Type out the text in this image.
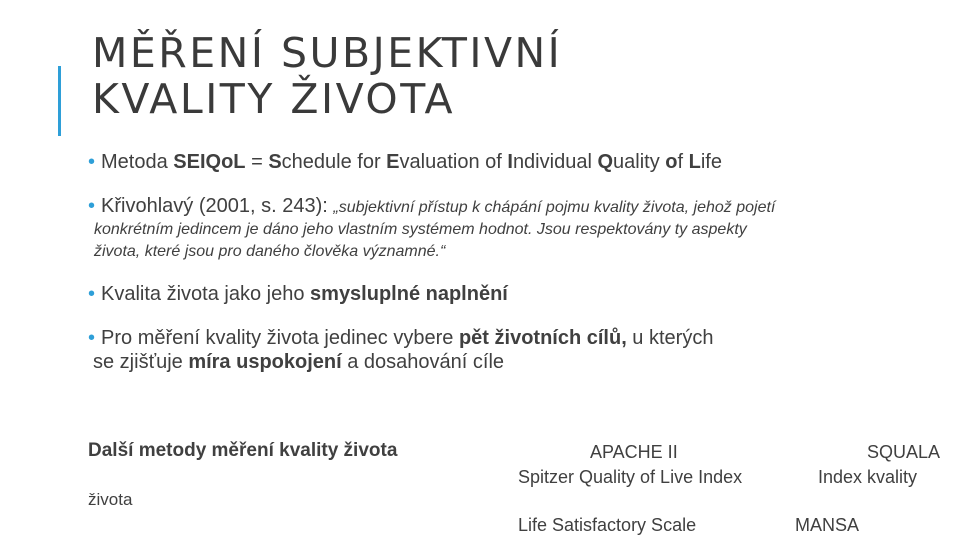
MĚŘENÍ SUBJEKTIVNÍ
KVALITY ŽIVOTA
• Metoda SEIQoL = Schedule for Evaluation of Individual Quality of Life
• Křivohlavý (2001, s. 243): „subjektivní přístup k chápání pojmu kvality života, jehož pojetí
konkrétním jedincem je dáno jeho vlastním systémem hodnot. Jsou respektovány ty aspekty
života, které jsou pro daného člověka významné.“
• Kvalita života jako jeho smysluplné naplnění
• Pro měření kvality života jedinec vybere pět životních cílů, u kterých
se zjišťuje míra uspokojení a dosahování cíle
Další metody měření kvality života
života
APACHE II	SQUALA
Spitzer Quality of Live Index	Index kvality
Life Satisfactory Scale	MANSA
